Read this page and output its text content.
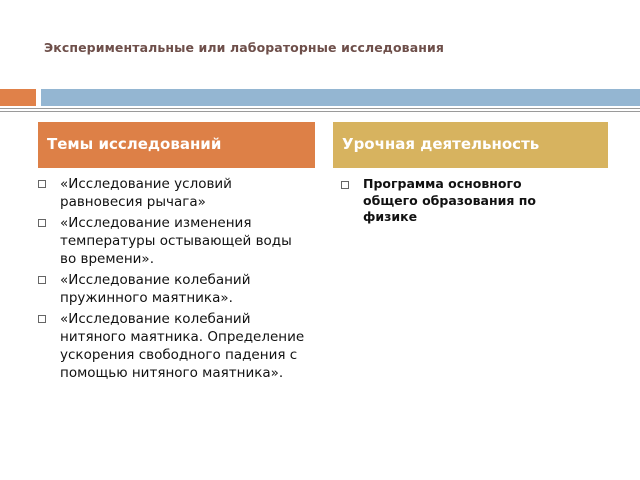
Экспериментальные или лабораторные исследования
Темы исследований	Урочная деятельность
«Исследование условий равновесия рычага»
«Исследование изменения температуры остывающей воды во времени».
«Исследование колебаний пружинного маятника».
«Исследование колебаний нитяного маятника. Определение ускорения свободного падения с помощью нитяного маятника».
Программа основного общего образования по физике
